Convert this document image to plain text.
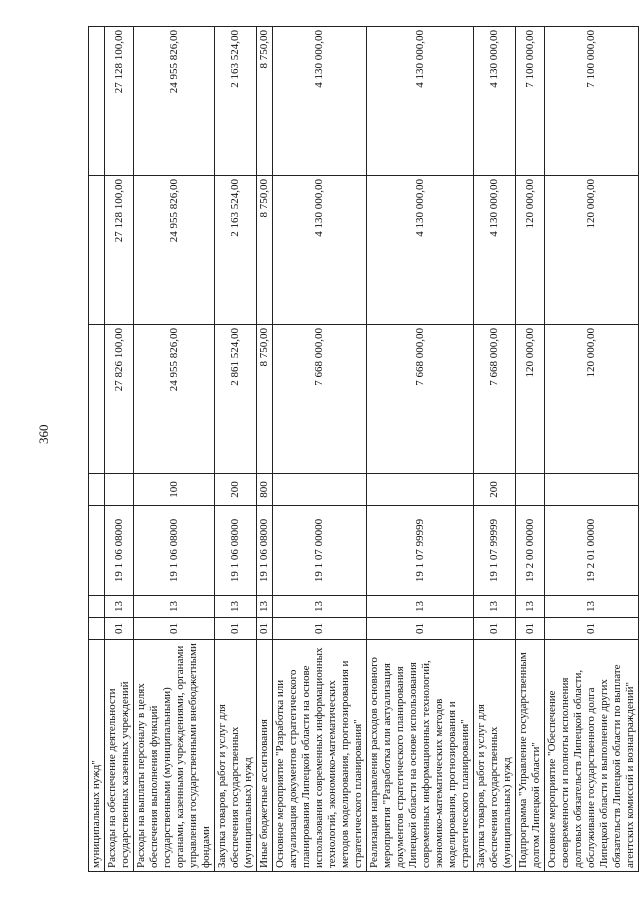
360
муниципальных нужд"							
Расходы на обеспечение деятельности государственных казенных учреждений	01	13	19 1 06 08000		27 826 100,00	27 128 100,00	27 128 100,00
Расходы на выплаты персоналу в целях обеспечения выполнения функций государственными (муниципальными) органами, казенными учреждениями, органами управления государственными внебюджетными фондами	01	13	19 1 06 08000	100	24 955 826,00	24 955 826,00	24 955 826,00
Закупка товаров, работ и услуг для обеспечения государственных (муниципальных) нужд	01	13	19 1 06 08000	200	2 861 524,00	2 163 524,00	2 163 524,00
Иные бюджетные ассигнования	01	13	19 1 06 08000	800	8 750,00	8 750,00	8 750,00
Основное мероприятие "Разработка или актуализация документов стратегического планирования Липецкой области на основе использования современных информационных технологий, экономико-математических методов моделирования, прогнозирования и стратегического планирования"	01	13	19 1 07 00000		7 668 000,00	4 130 000,00	4 130 000,00
Реализация направления расходов основного мероприятия "Разработка или актуализация документов стратегического планирования Липецкой области на основе использования современных информационных технологий, экономико-математических методов моделирования, прогнозирования и стратегического планирования"	01	13	19 1 07 99999		7 668 000,00	4 130 000,00	4 130 000,00
Закупка товаров, работ и услуг для обеспечения государственных (муниципальных) нужд	01	13	19 1 07 99999	200	7 668 000,00	4 130 000,00	4 130 000,00
Подпрограмма "Управление государственным долгом Липецкой области"	01	13	19 2 00 00000		120 000,00	120 000,00	7 100 000,00
Основное мероприятие "Обеспечение своевременности и полноты исполнения долговых обязательств Липецкой области, обслуживание государственного долга Липецкой области и выполнение других обязательств Липецкой области по выплате агентских комиссий и вознаграждений"	01	13	19 2 01 00000		120 000,00	120 000,00	7 100 000,00
